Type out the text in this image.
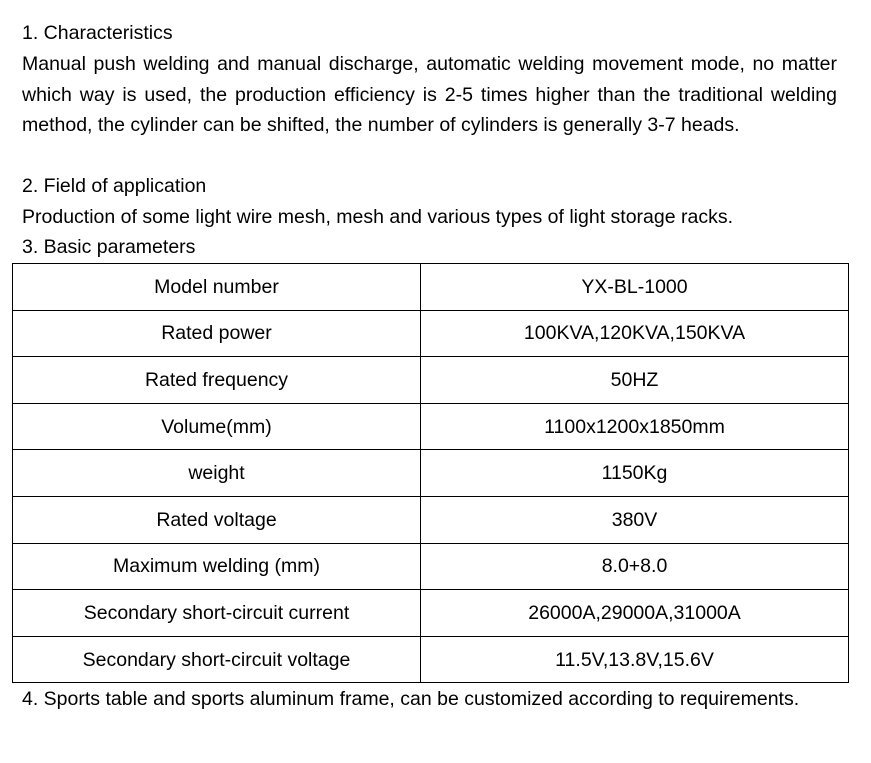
1. Characteristics

Manual push welding and manual discharge, automatic welding movement mode, no matter which way is used, the production efficiency is 2-5 times higher than the traditional welding method, the cylinder can be shifted, the number of cylinders is generally 3-7 heads.

2. Field of application

Production of some light wire mesh, mesh and various types of light storage racks.

3. Basic parameters

Model number	YX-BL-1000
Rated power	100KVA,120KVA,150KVA
Rated frequency	50HZ
Volume(mm)	1100x1200x1850mm
weight	1150Kg
Rated voltage	380V
Maximum welding (mm)	8.0+8.0
Secondary short-circuit current	26000A,29000A,31000A
Secondary short-circuit voltage	11.5V,13.8V,15.6V

4. Sports table and sports aluminum frame, can be customized according to requirements.
